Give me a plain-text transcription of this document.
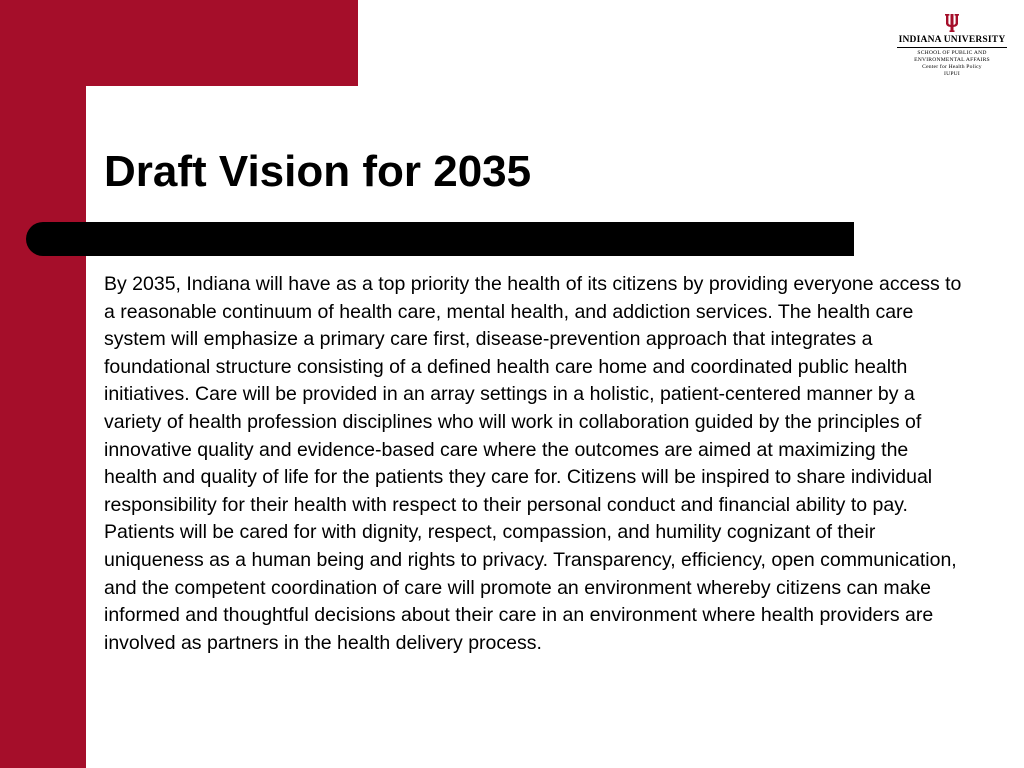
INDIANA UNIVERSITY
SCHOOL OF PUBLIC AND
ENVIRONMENTAL AFFAIRS
Center for Health Policy
IUPUI
Draft Vision for 2035

By 2035, Indiana will have as a top priority the health of its citizens by providing everyone access to a reasonable continuum of health care, mental health, and addiction services. The health care system will emphasize a primary care first, disease-prevention approach that integrates a foundational structure consisting of a defined health care home and coordinated public health initiatives. Care will be provided in an array settings in a holistic, patient-centered manner by a variety of health profession disciplines who will work in collaboration guided by the principles of innovative quality and evidence-based care where the outcomes are aimed at maximizing the health and quality of life for the patients they care for. Citizens will be inspired to share individual responsibility for their health with respect to their personal conduct and financial ability to pay. Patients will be cared for with dignity, respect, compassion, and humility cognizant of their uniqueness as a human being and rights to privacy. Transparency, efficiency, open communication, and the competent coordination of care will promote an environment whereby citizens can make informed and thoughtful decisions about their care in an environment where health providers are involved as partners in the health delivery process.
